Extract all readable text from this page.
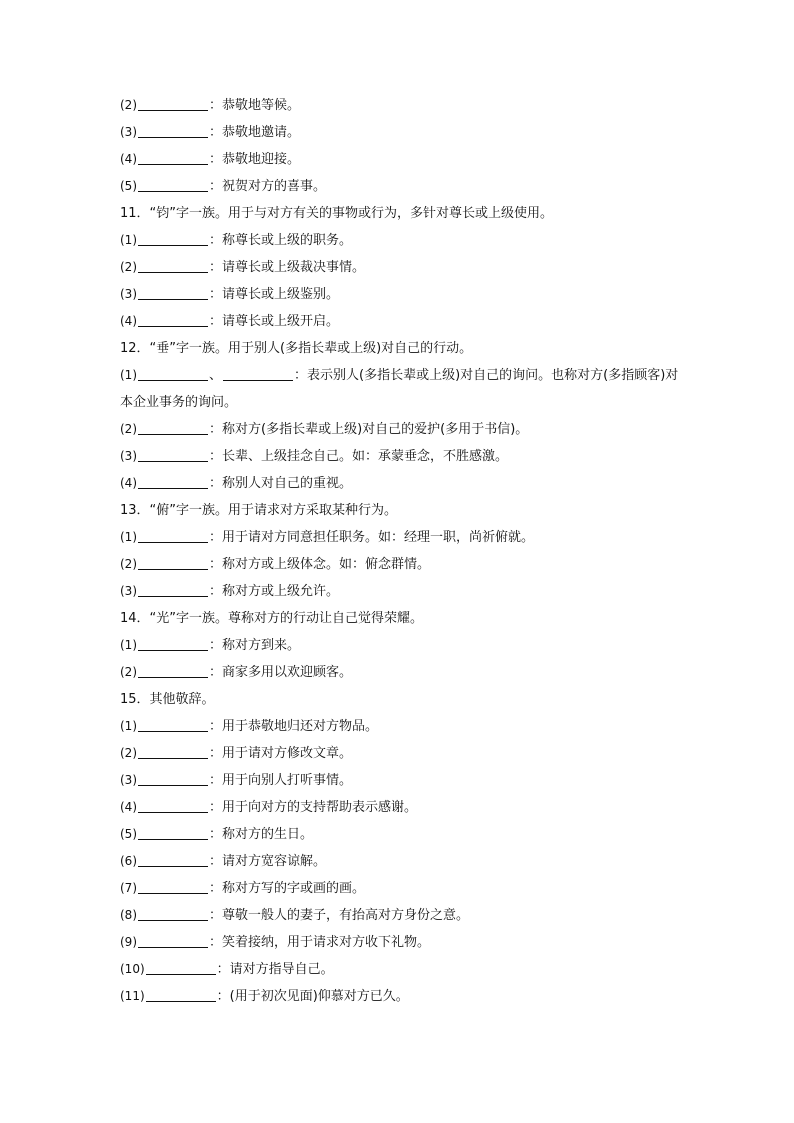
(2)	：恭敬地等候。
(3)	：恭敬地邀请。
(4)	：恭敬地迎接。
(5)	：祝贺对方的喜事。
11．“钧”字一族。用于与对方有关的事物或行为，多针对尊长或上级使用。
(1)	：称尊长或上级的职务。
(2)	：请尊长或上级裁决事情。
(3)	：请尊长或上级鉴别。
(4)	：请尊长或上级开启。
12．“垂”字一族。用于别人(多指长辈或上级)对自己的行动。
(1)	、	：表示别人(多指长辈或上级)对自己的询问。也称对方(多指顾客)对本企业事务的询问。
(2)	：称对方(多指长辈或上级)对自己的爱护(多用于书信)。
(3)	：长辈、上级挂念自己。如：承蒙垂念，不胜感激。
(4)	：称别人对自己的重视。
13．“俯”字一族。用于请求对方采取某种行为。
(1)	：用于请对方同意担任职务。如：经理一职，尚祈俯就。
(2)	：称对方或上级体念。如：俯念群情。
(3)	：称对方或上级允许。
14．“光”字一族。尊称对方的行动让自己觉得荣耀。
(1)	：称对方到来。
(2)	：商家多用以欢迎顾客。
15．其他敬辞。
(1)	：用于恭敬地归还对方物品。
(2)	：用于请对方修改文章。
(3)	：用于向别人打听事情。
(4)	：用于向对方的支持帮助表示感谢。
(5)	：称对方的生日。
(6)	：请对方宽容谅解。
(7)	：称对方写的字或画的画。
(8)	：尊敬一般人的妻子，有抬高对方身份之意。
(9)	：笑着接纳，用于请求对方收下礼物。
(10)	：请对方指导自己。
(11)	：(用于初次见面)仰慕对方已久。
